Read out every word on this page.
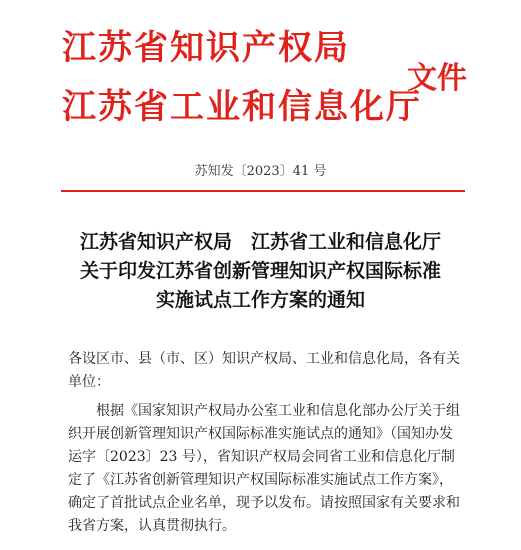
江苏省知识产权局
江苏省工业和信息化厅
文件
苏知发〔2023〕41 号
江苏省知识产权局　江苏省工业和信息化厅
关于印发江苏省创新管理知识产权国际标准
实施试点工作方案的通知

各设区市、县（市、区）知识产权局、工业和信息化局，各有关单位：

根据《国家知识产权局办公室工业和信息化部办公厅关于组织开展创新管理知识产权国际标准实施试点的通知》（国知办发运字〔2023〕23 号），省知识产权局会同省工业和信息化厅制定了《江苏省创新管理知识产权国际标准实施试点工作方案》，确定了首批试点企业名单，现予以发布。请按照国家有关要求和我省方案，认真贯彻执行。
